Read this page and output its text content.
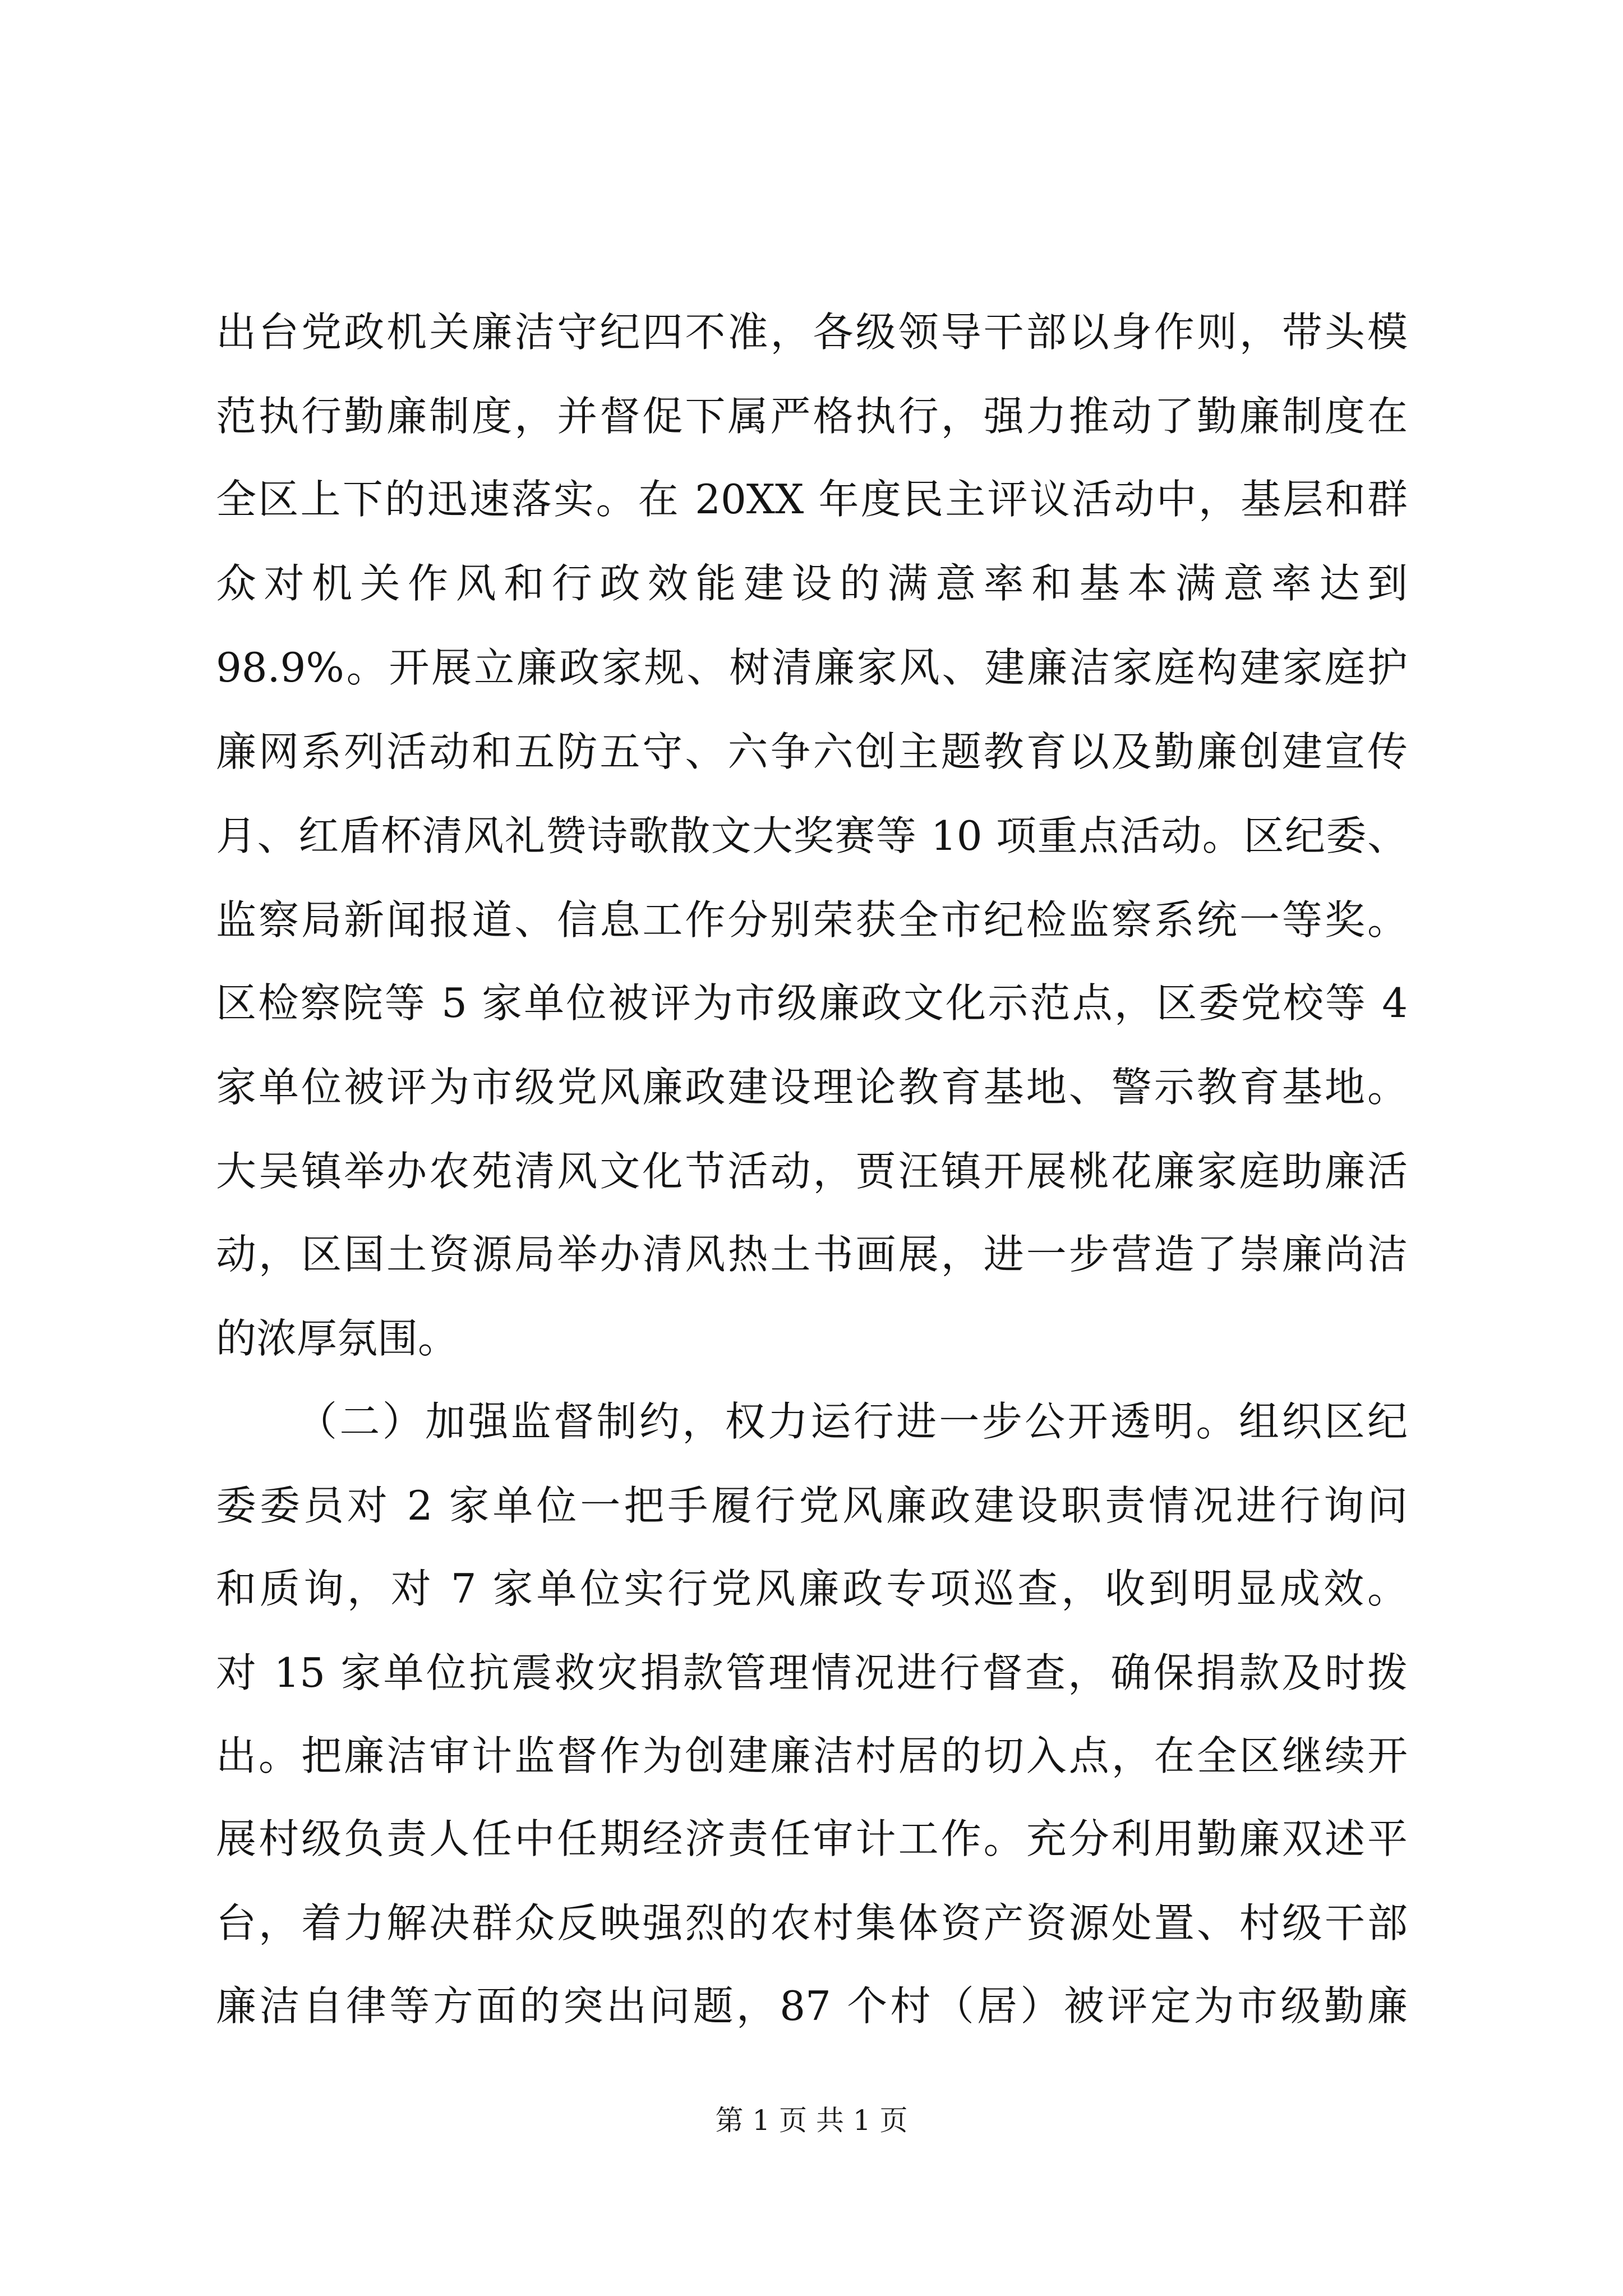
出台党政机关廉洁守纪四不准，各级领导干部以身作则，带头模
范执行勤廉制度，并督促下属严格执行，强力推动了勤廉制度在
全区上下的迅速落实。在 20XX 年度民主评议活动中，基层和群
众对机关作风和行政效能建设的满意率和基本满意率达到
98.9%。开展立廉政家规、树清廉家风、建廉洁家庭构建家庭护
廉网系列活动和五防五守、六争六创主题教育以及勤廉创建宣传
月、红盾杯清风礼赞诗歌散文大奖赛等 10 项重点活动。区纪委、
监察局新闻报道、信息工作分别荣获全市纪检监察系统一等奖。
区检察院等 5 家单位被评为市级廉政文化示范点，区委党校等 4
家单位被评为市级党风廉政建设理论教育基地、警示教育基地。
大吴镇举办农苑清风文化节活动，贾汪镇开展桃花廉家庭助廉活
动，区国土资源局举办清风热土书画展，进一步营造了崇廉尚洁
的浓厚氛围。
（二）加强监督制约，权力运行进一步公开透明。组织区纪
委委员对 2 家单位一把手履行党风廉政建设职责情况进行询问
和质询，对 7 家单位实行党风廉政专项巡查，收到明显成效。
对 15 家单位抗震救灾捐款管理情况进行督查，确保捐款及时拨
出。把廉洁审计监督作为创建廉洁村居的切入点，在全区继续开
展村级负责人任中任期经济责任审计工作。充分利用勤廉双述平
台，着力解决群众反映强烈的农村集体资产资源处置、村级干部
廉洁自律等方面的突出问题，87 个村（居）被评定为市级勤廉
第 1 页 共 1 页
